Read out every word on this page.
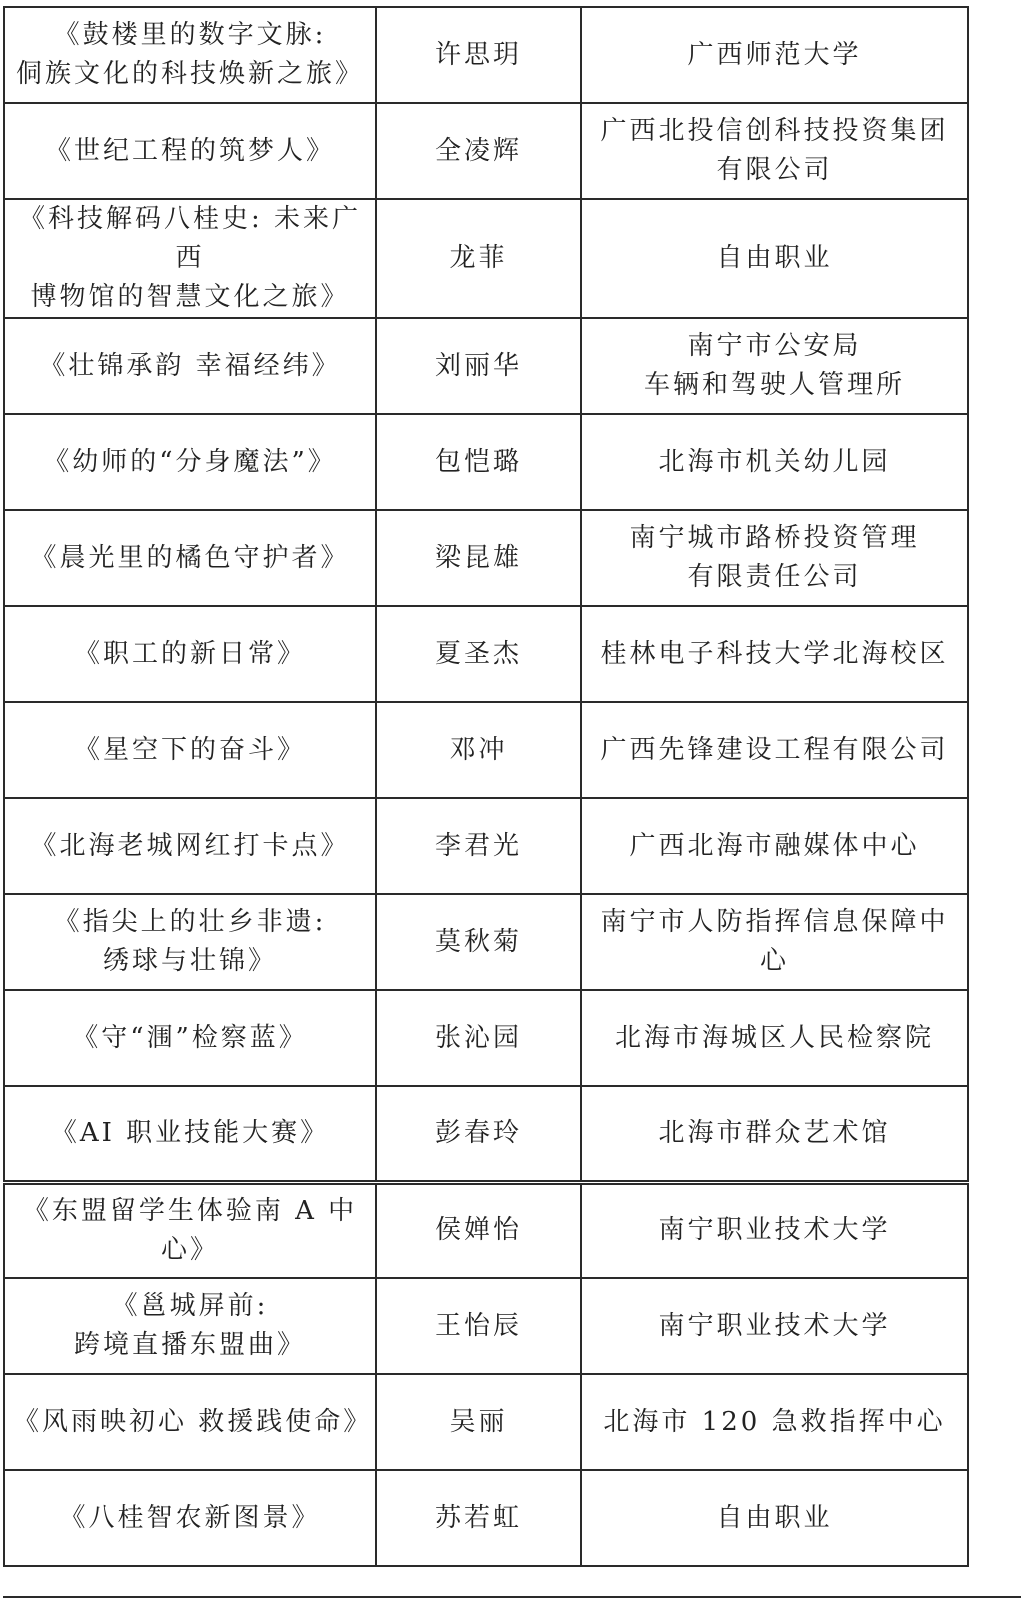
《鼓楼里的数字文脉:
侗族文化的科技焕新之旅》	许思玥	广西师范大学
《世纪工程的筑梦人》	全凌辉	广西北投信创科技投资集团
有限公司
《科技解码八桂史: 未来广西
博物馆的智慧文化之旅》	龙菲	自由职业
《壮锦承韵 幸福经纬》	刘丽华	南宁市公安局
车辆和驾驶人管理所
《幼师的“分身魔法”》	包恺璐	北海市机关幼儿园
《晨光里的橘色守护者》	梁昆雄	南宁城市路桥投资管理
有限责任公司
《职工的新日常》	夏圣杰	桂林电子科技大学北海校区
《星空下的奋斗》	邓冲	广西先锋建设工程有限公司
《北海老城网红打卡点》	李君光	广西北海市融媒体中心
《指尖上的壮乡非遗:
绣球与壮锦》	莫秋菊	南宁市人防指挥信息保障中心
《守“涠”检察蓝》	张沁园	北海市海城区人民检察院
《AI 职业技能大赛》	彭春玲	北海市群众艺术馆
《东盟留学生体验南 A 中心》	侯婵怡	南宁职业技术大学
《邕城屏前:
跨境直播东盟曲》	王怡辰	南宁职业技术大学
《风雨映初心 救援践使命》	吴丽	北海市 120 急救指挥中心
《八桂智农新图景》	苏若虹	自由职业
